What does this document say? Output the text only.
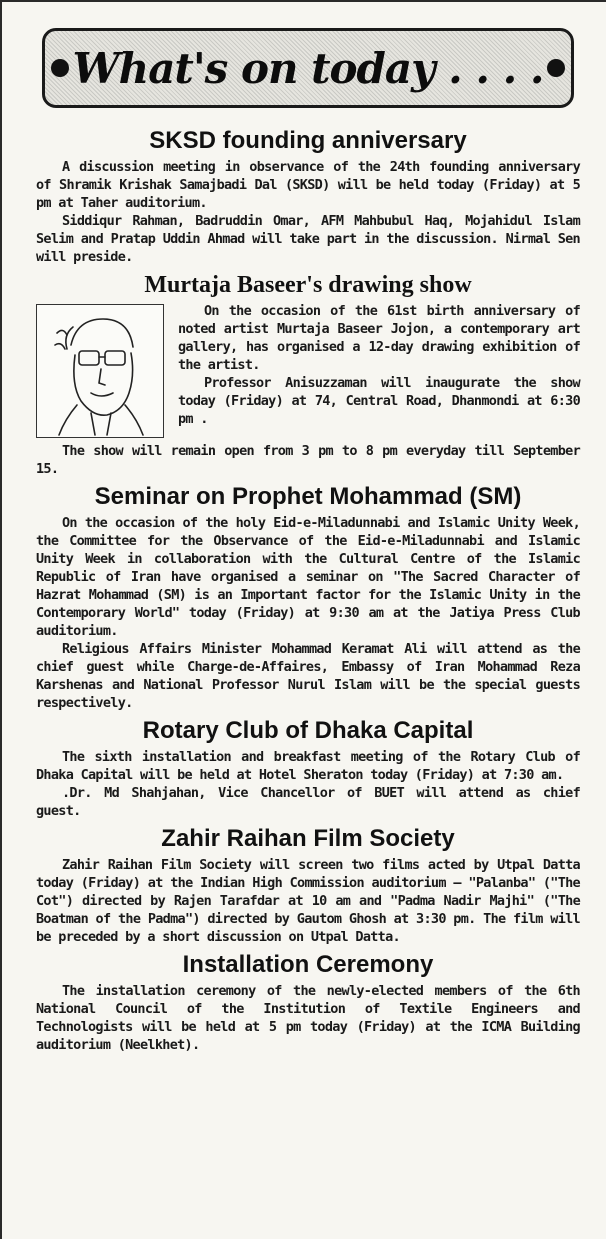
What's on today . . . .
SKSD founding anniversary

A discussion meeting in observance of the 24th founding anniversary of Shramik Krishak Samajbadi Dal (SKSD) will be held today (Friday) at 5 pm at Taher auditorium.

Siddiqur Rahman, Badruddin Omar, AFM Mahbubul Haq, Mojahidul Islam Selim and Pratap Uddin Ahmad will take part in the discussion. Nirmal Sen will preside.

Murtaja Baseer's drawing show

On the occasion of the 61st birth anniversary of noted artist Murtaja Baseer Jojon, a contemporary art gallery, has organised a 12-day drawing exhibition of the artist.

Professor Anisuzzaman will inaugurate the show today (Friday) at 74, Central Road, Dhanmondi at 6:30 pm .

The show will remain open from 3 pm to 8 pm everyday till September 15.

Seminar on Prophet Mohammad (SM)

On the occasion of the holy Eid-e-Miladunnabi and Islamic Unity Week, the Committee for the Observance of the Eid-e-Miladunnabi and Islamic Unity Week in collaboration with the Cultural Centre of the Islamic Republic of Iran have organised a seminar on "The Sacred Character of Hazrat Mohammad (SM) is an Important factor for the Islamic Unity in the Contemporary World" today (Friday) at 9:30 am at the Jatiya Press Club auditorium.

Religious Affairs Minister Mohammad Keramat Ali will attend as the chief guest while Charge-de-Affaires, Embassy of Iran Mohammad Reza Karshenas and National Professor Nurul Islam will be the special guests respectively.

Rotary Club of Dhaka Capital

The sixth installation and breakfast meeting of the Rotary Club of Dhaka Capital will be held at Hotel Sheraton today (Friday) at 7:30 am.

.Dr. Md Shahjahan, Vice Chancellor of BUET will attend as chief guest.

Zahir Raihan Film Society

Zahir Raihan Film Society will screen two films acted by Utpal Datta today (Friday) at the Indian High Commission auditorium — "Palanba" ("The Cot") directed by Rajen Tarafdar at 10 am and "Padma Nadir Majhi" ("The Boatman of the Padma") directed by Gautom Ghosh at 3:30 pm. The film will be preceded by a short discussion on Utpal Datta.

Installation Ceremony

The installation ceremony of the newly-elected members of the 6th National Council of the Institution of Textile Engineers and Technologists will be held at 5 pm today (Friday) at the ICMA Building auditorium (Neelkhet).
